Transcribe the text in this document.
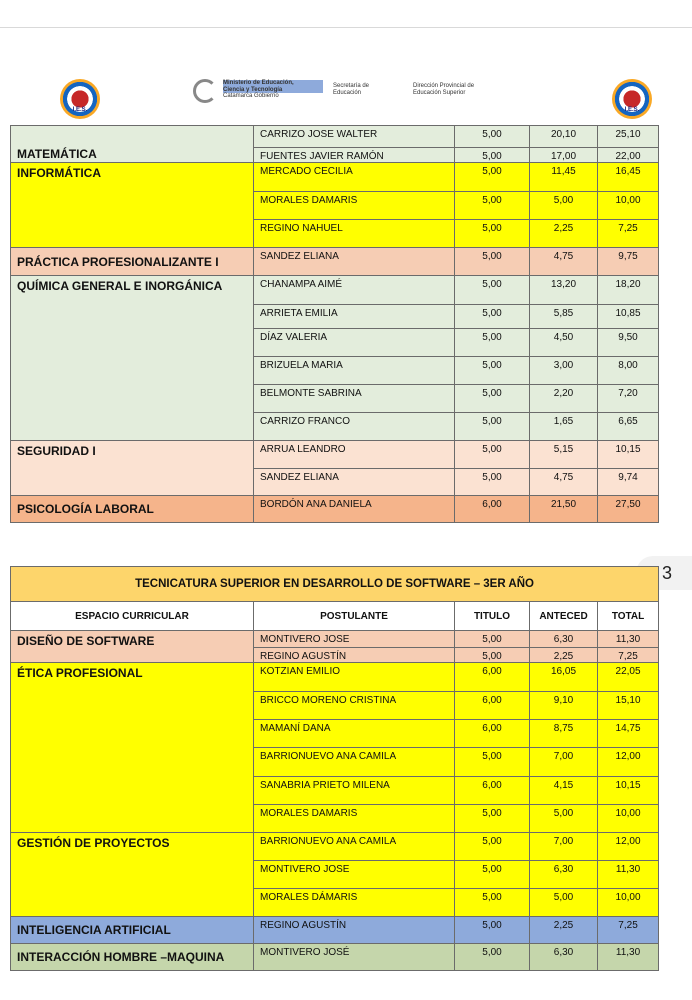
I.E.S.
Ministerio de Educación,
Ciencia y Tecnología
Catamarca Gobierno
Secretaría de
Educación
Dirección Provincial de
Educación Superior
I.E.S.
MATEMÁTICA	CARRIZO JOSE WALTER	5,00	20,10	25,10
	FUENTES JAVIER RAMÓN	5,00	17,00	22,00
INFORMÁTICA	MERCADO CECILIA	5,00	11,45	16,45
	MORALES DAMARIS	5,00	5,00	10,00
	REGINO NAHUEL	5,00	2,25	7,25
PRÁCTICA PROFESIONALIZANTE I	SANDEZ ELIANA	5,00	4,75	9,75
QUÍMICA GENERAL E INORGÁNICA	CHANAMPA AIMÉ	5,00	13,20	18,20
	ARRIETA EMILIA	5,00	5,85	10,85
	DÍAZ VALERIA	5,00	4,50	9,50
	BRIZUELA MARIA	5,00	3,00	8,00
	BELMONTE SABRINA	5,00	2,20	7,20
	CARRIZO FRANCO	5,00	1,65	6,65
SEGURIDAD I	ARRUA LEANDRO	5,00	5,15	10,15
	SANDEZ ELIANA	5,00	4,75	9,74
PSICOLOGÍA LABORAL	BORDÓN ANA DANIELA	6,00	21,50	27,50
3
TECNICATURA SUPERIOR EN DESARROLLO DE SOFTWARE – 3ER AÑO				
ESPACIO CURRICULAR	POSTULANTE	TITULO	ANTECED	TOTAL
DISEÑO DE SOFTWARE	MONTIVERO JOSE	5,00	6,30	11,30
	REGINO AGUSTÍN	5,00	2,25	7,25
ÉTICA PROFESIONAL	KOTZIAN EMILIO	6,00	16,05	22,05
	BRICCO MORENO CRISTINA	6,00	9,10	15,10
	MAMANÍ DANA	6,00	8,75	14,75
	BARRIONUEVO ANA CAMILA	5,00	7,00	12,00
	SANABRIA PRIETO MILENA	6,00	4,15	10,15
	MORALES DAMARIS	5,00	5,00	10,00
GESTIÓN DE PROYECTOS	BARRIONUEVO ANA CAMILA	5,00	7,00	12,00
	MONTIVERO JOSE	5,00	6,30	11,30
	MORALES DÁMARIS	5,00	5,00	10,00
INTELIGENCIA ARTIFICIAL	REGINO AGUSTÍN	5,00	2,25	7,25
INTERACCIÓN HOMBRE –MAQUINA	MONTIVERO JOSÉ	5,00	6,30	11,30
